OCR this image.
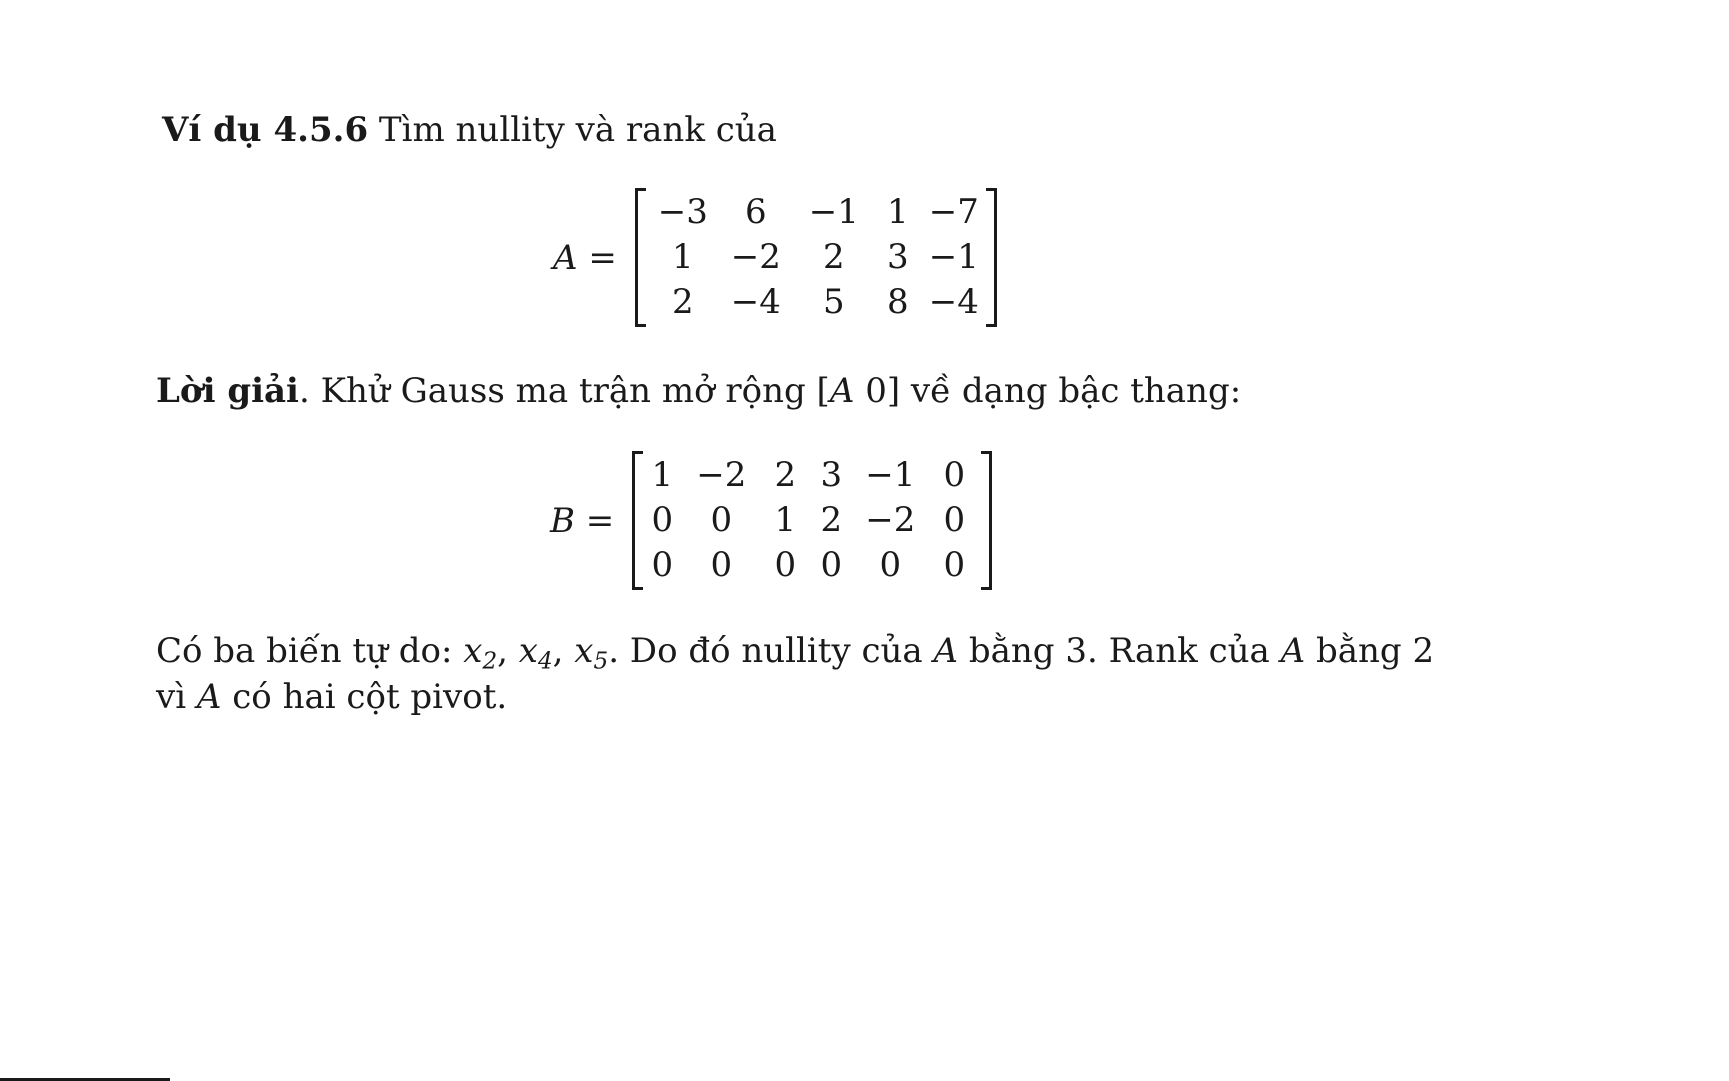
Ví dụ 4.5.6 Tìm nullity và rank của
A =
−3	6	−1 1 −7
1	−2	2	3 −1
2	−4	5	8 −4
Lời giải. Khử Gauss ma trận mở rộng [A 0] về dạng bậc thang:
B =
1 −2 2 3 −1 0
0	0	1 2 −2 0
0	0	0 0	0	0
Có ba biến tự do: $x_2$, $x_4$, $x_5$. Do đó nullity của A bằng 3. Rank của A bằng 2
vì A có hai cột pivot.
